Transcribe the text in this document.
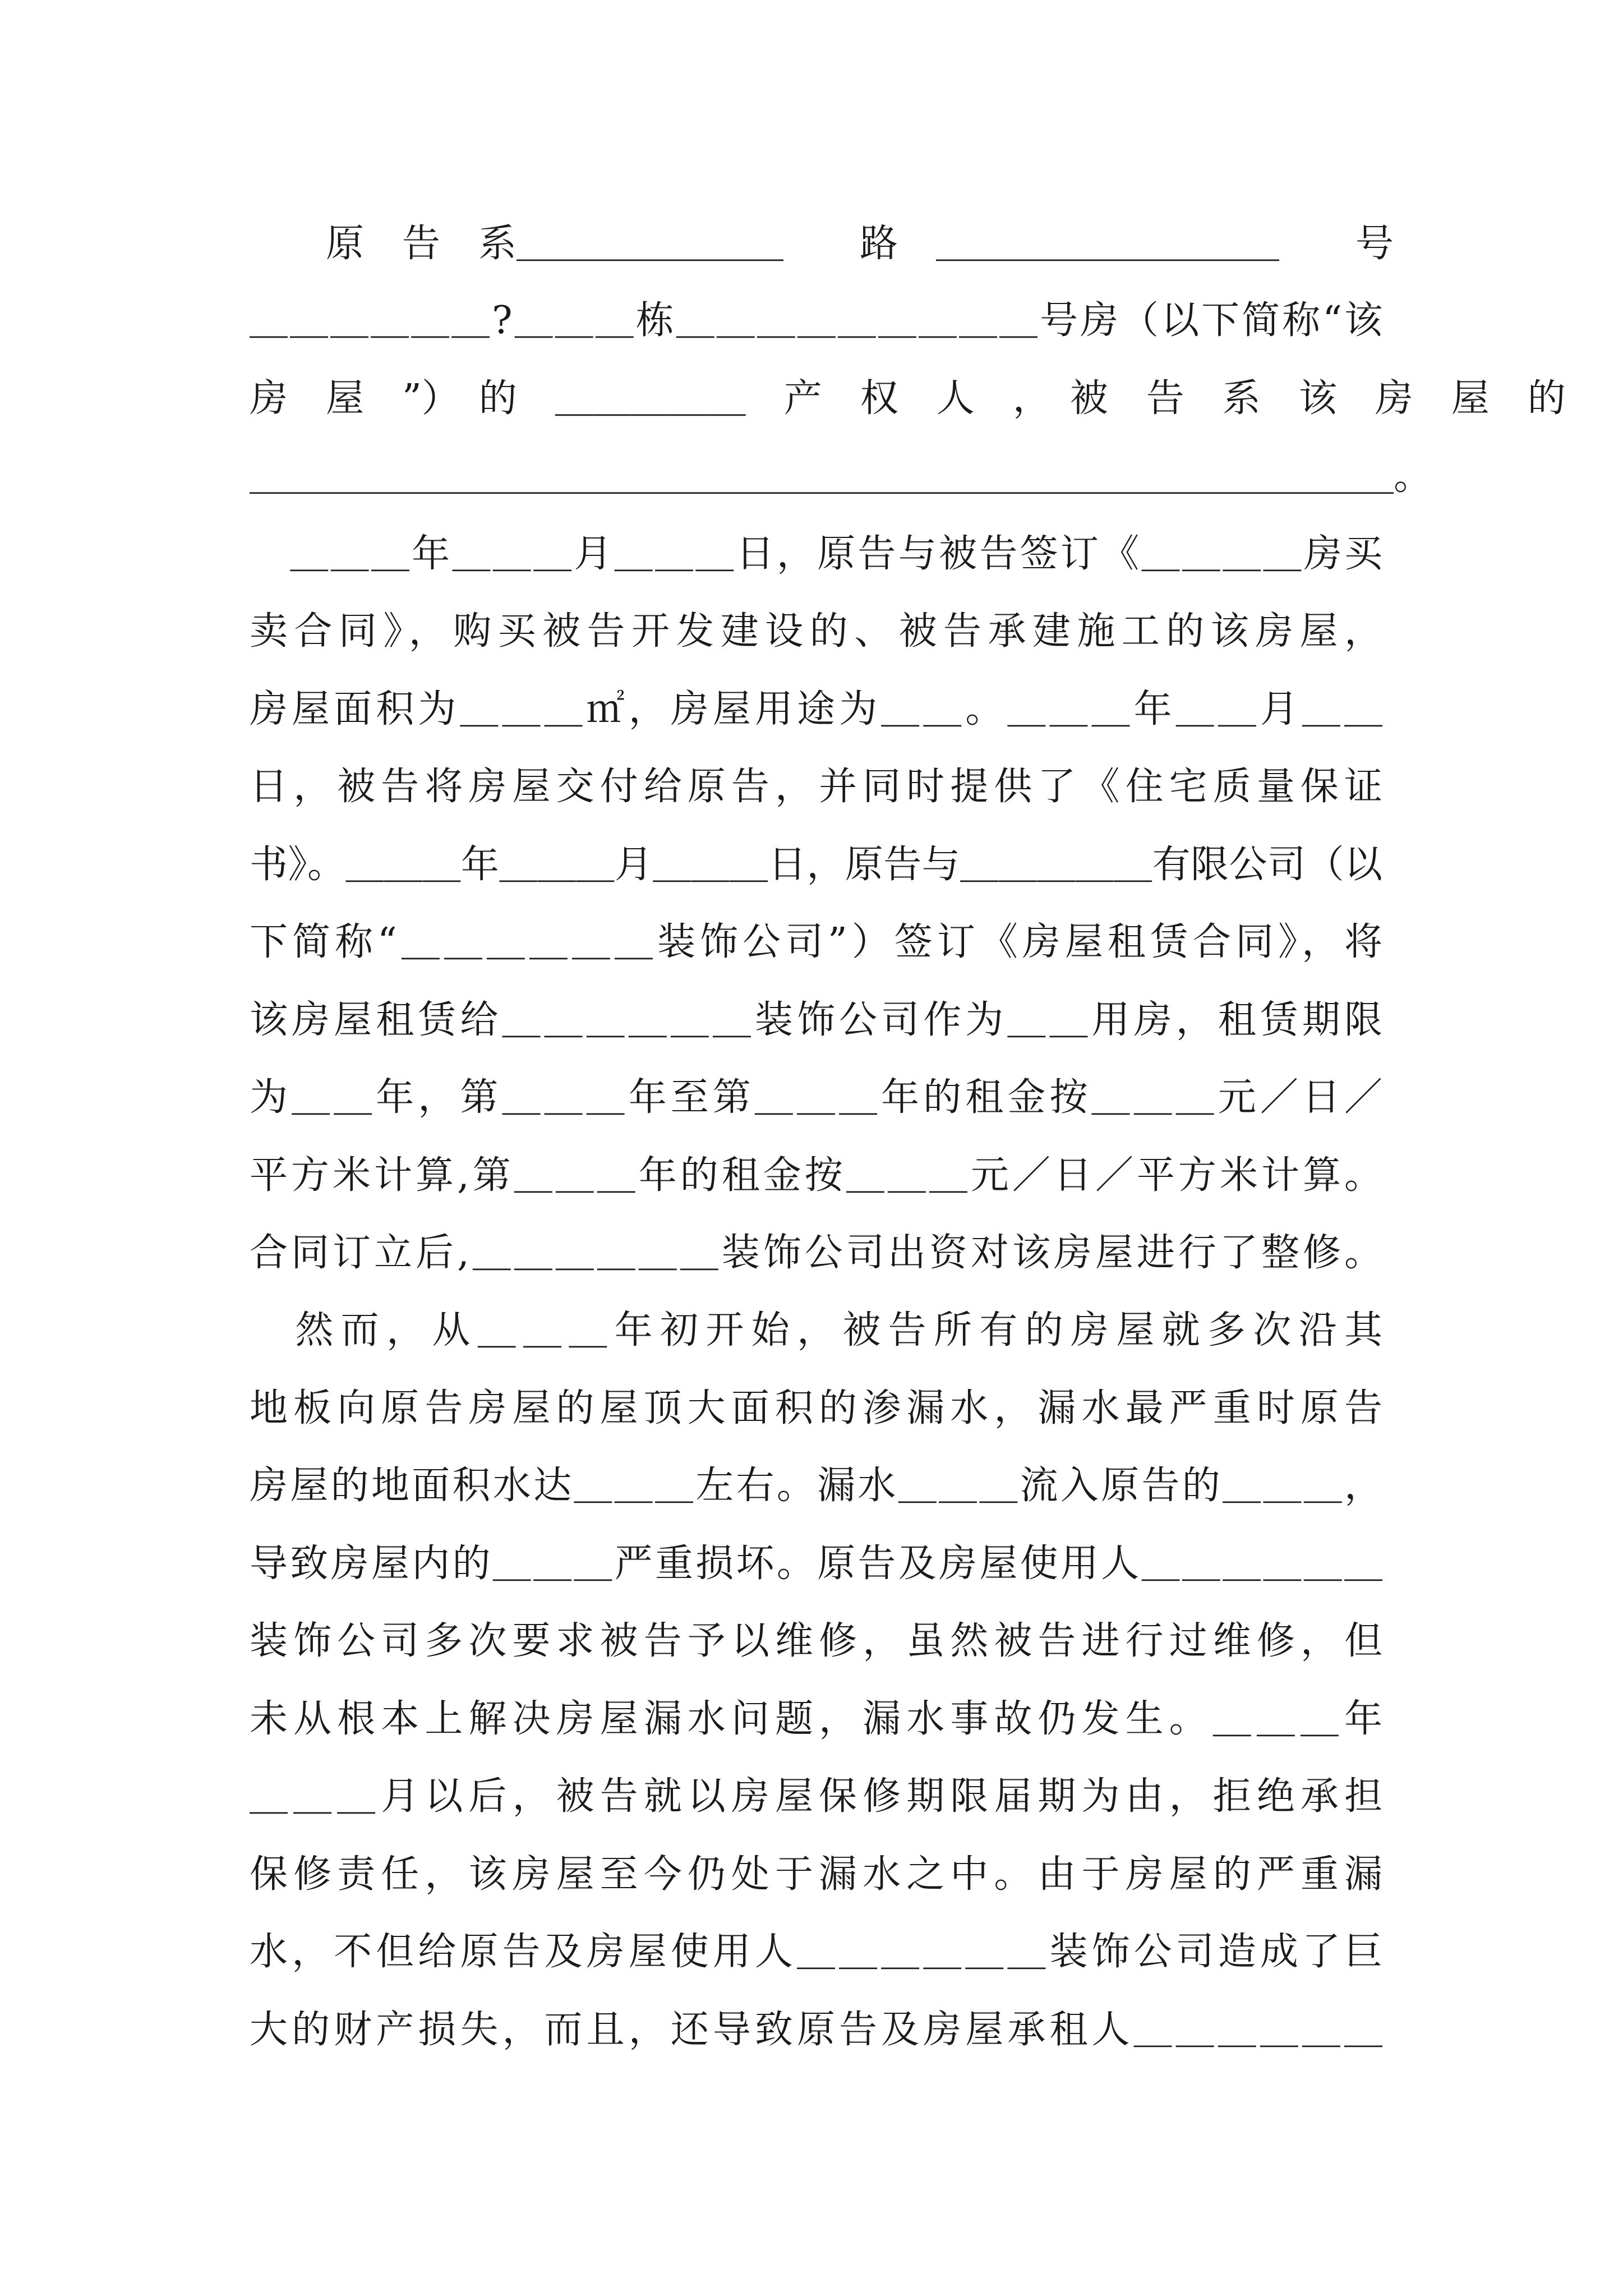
　　原　告　系＿＿＿＿＿＿＿　　路　＿＿＿＿＿＿＿＿＿　　号
＿＿＿＿＿＿?＿＿＿栋＿＿＿＿＿＿＿＿＿号房（以下简称“该
房　屋　”）　的　＿＿＿＿＿　产　权　人　，　被　告　系　该　房　屋　的
＿＿＿＿＿＿＿＿＿＿＿＿＿＿＿＿＿＿＿＿＿＿＿＿＿＿＿＿＿＿。
　＿＿＿年＿＿＿月＿＿＿日，原告与被告签订《＿＿＿＿房买
卖合同》，购买被告开发建设的、被告承建施工的该房屋，
房屋面积为＿＿＿㎡，房屋用途为＿＿。＿＿＿年＿＿月＿＿
日，被告将房屋交付给原告，并同时提供了《住宅质量保证
书》。＿＿＿年＿＿＿月＿＿＿日，原告与＿＿＿＿＿有限公司（以
下简称“＿＿＿＿＿＿装饰公司”）签订《房屋租赁合同》，将
该房屋租赁给＿＿＿＿＿＿装饰公司作为＿＿用房，租赁期限
为＿＿年，第＿＿＿年至第＿＿＿年的租金按＿＿＿元／日／
平方米计算,第＿＿＿年的租金按＿＿＿元／日／平方米计算。
合同订立后,＿＿＿＿＿＿装饰公司出资对该房屋进行了整修。
　然而，从＿＿＿年初开始，被告所有的房屋就多次沿其
地板向原告房屋的屋顶大面积的渗漏水，漏水最严重时原告
房屋的地面积水达＿＿＿左右。漏水＿＿＿流入原告的＿＿＿，
导致房屋内的＿＿＿严重损坏。原告及房屋使用人＿＿＿＿＿＿
装饰公司多次要求被告予以维修，虽然被告进行过维修，但
未从根本上解决房屋漏水问题，漏水事故仍发生。＿＿＿年
＿＿＿月以后，被告就以房屋保修期限届期为由，拒绝承担
保修责任，该房屋至今仍处于漏水之中。由于房屋的严重漏
水，不但给原告及房屋使用人＿＿＿＿＿＿装饰公司造成了巨
大的财产损失，而且，还导致原告及房屋承租人＿＿＿＿＿＿
